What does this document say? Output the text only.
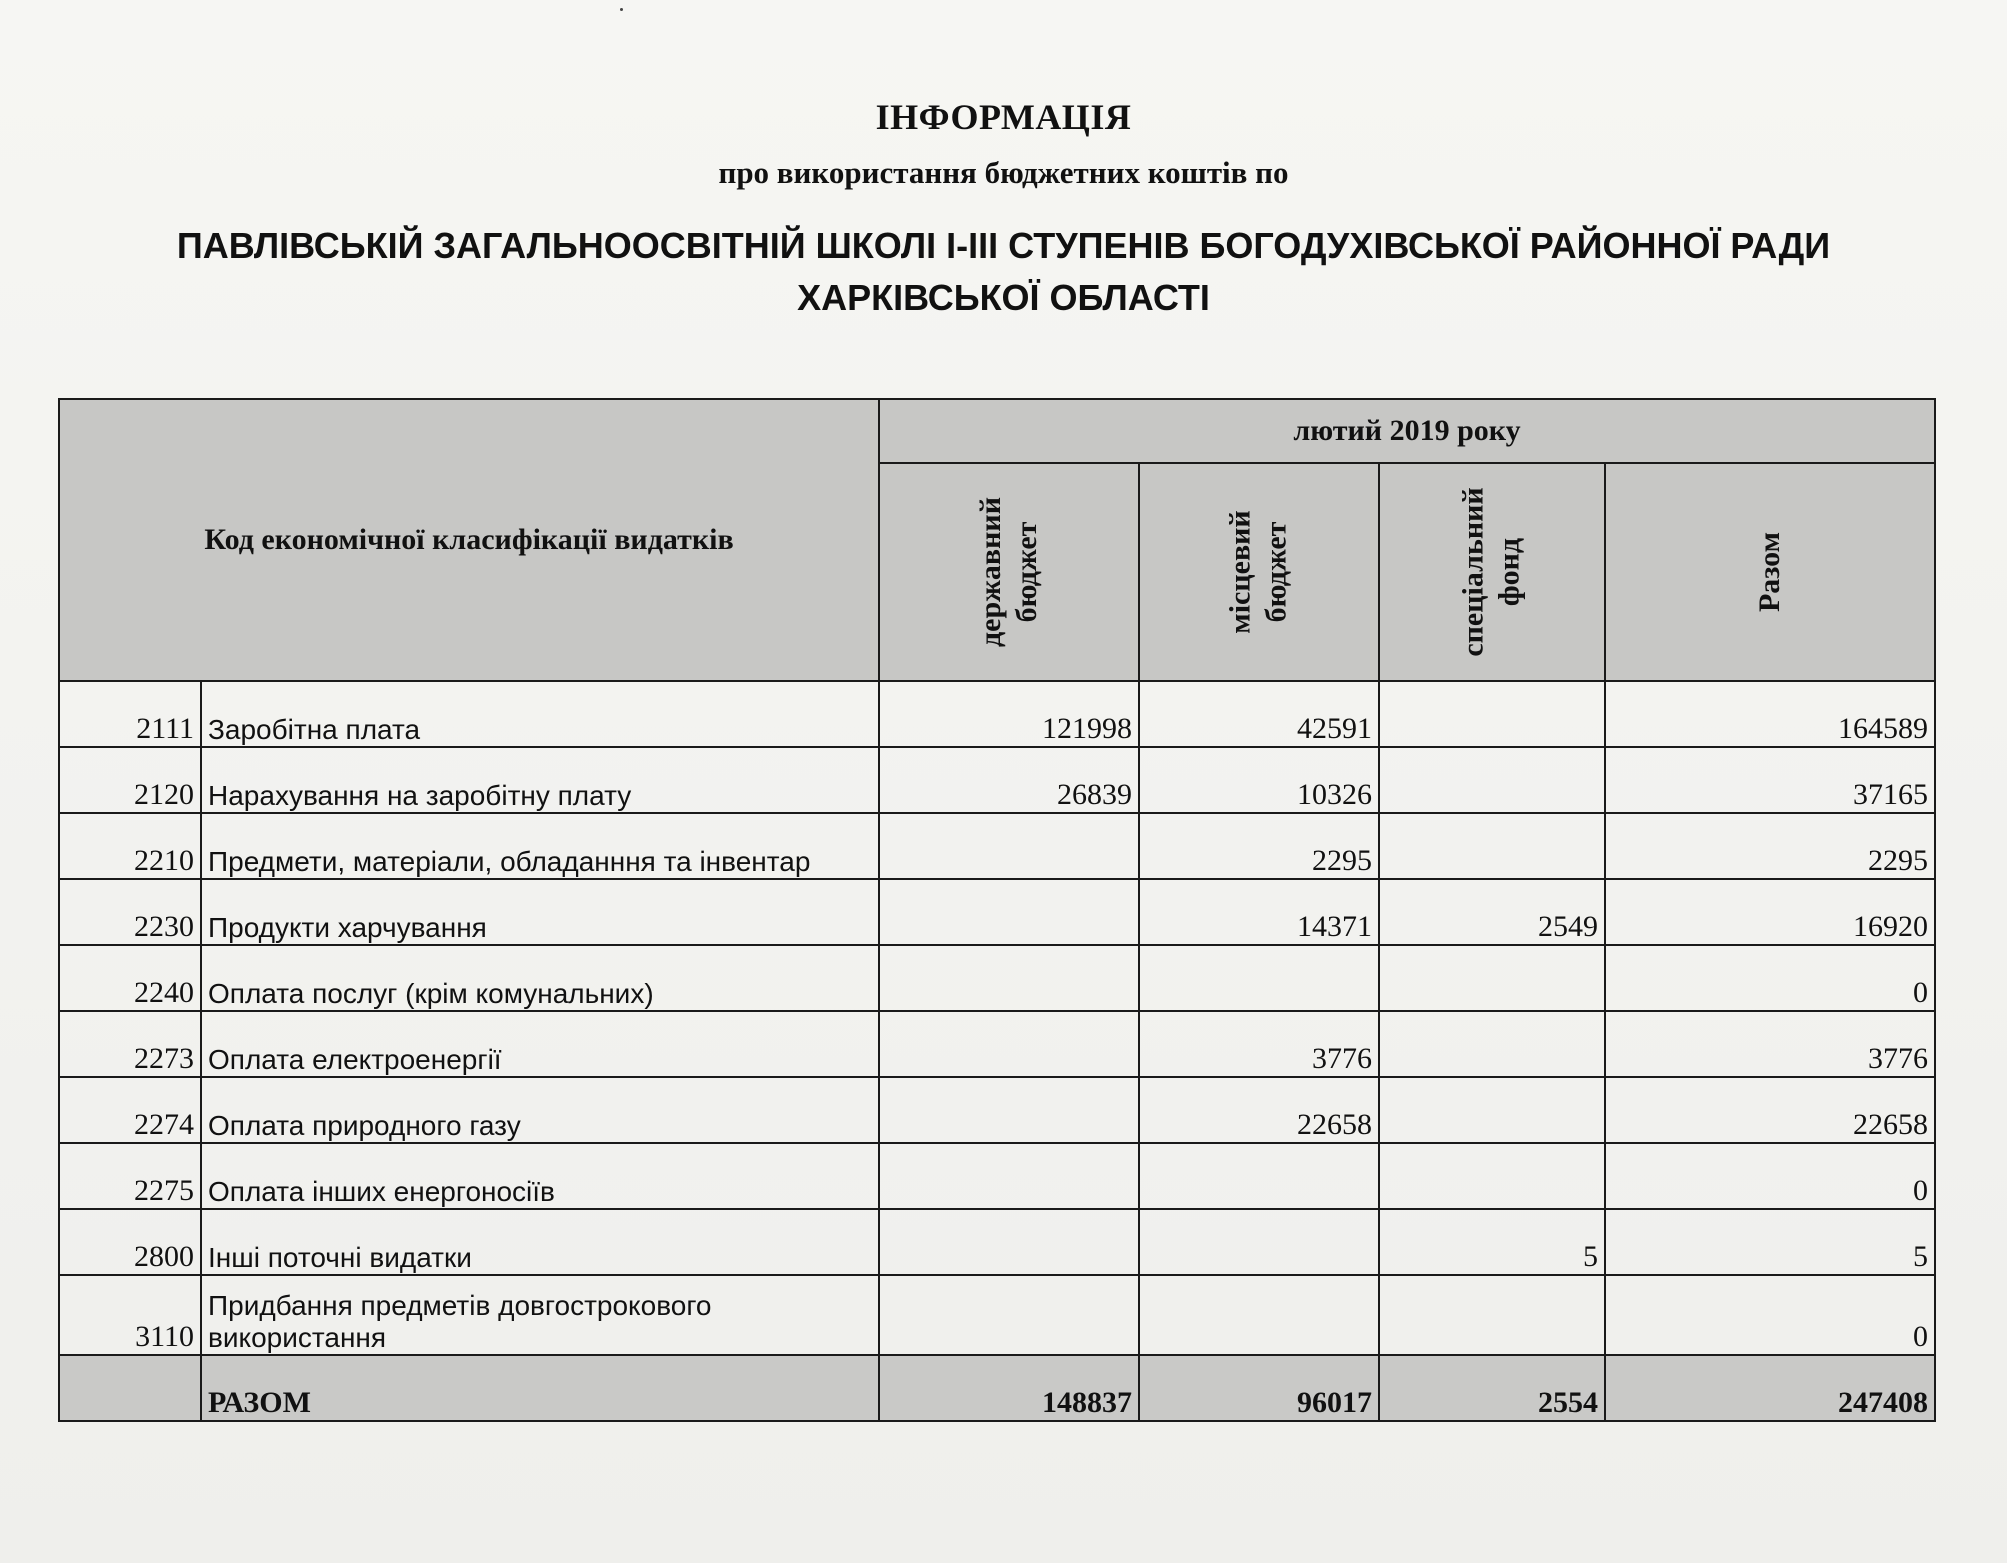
ІНФОРМАЦІЯ
про використання бюджетних коштів по
ПАВЛІВСЬКІЙ ЗАГАЛЬНООСВІТНІЙ ШКОЛІ І-ІІІ СТУПЕНІВ БОГОДУХІВСЬКОЇ РАЙОННОЇ РАДИ
ХАРКІВСЬКОЇ ОБЛАСТІ
Код економічної класифікації видатків		лютий 2019 року			
		державний бюджет	місцевий бюджет	спеціальний фонд	Разом
2111	Заробітна плата	121998	42591		164589
2120	Нарахування на заробітну плату	26839	10326		37165
2210	Предмети, матеріали, обладанння та інвентар		2295		2295
2230	Продукти харчування		14371	2549	16920
2240	Оплата послуг (крім комунальних)				0
2273	Оплата електроенергії		3776		3776
2274	Оплата природного газу		22658		22658
2275	Оплата інших енергоносіїв				0
2800	Інші поточні видатки			5	5
3110	Придбання предметів довгострокового використання				0
	РАЗОМ	148837	96017	2554	247408
